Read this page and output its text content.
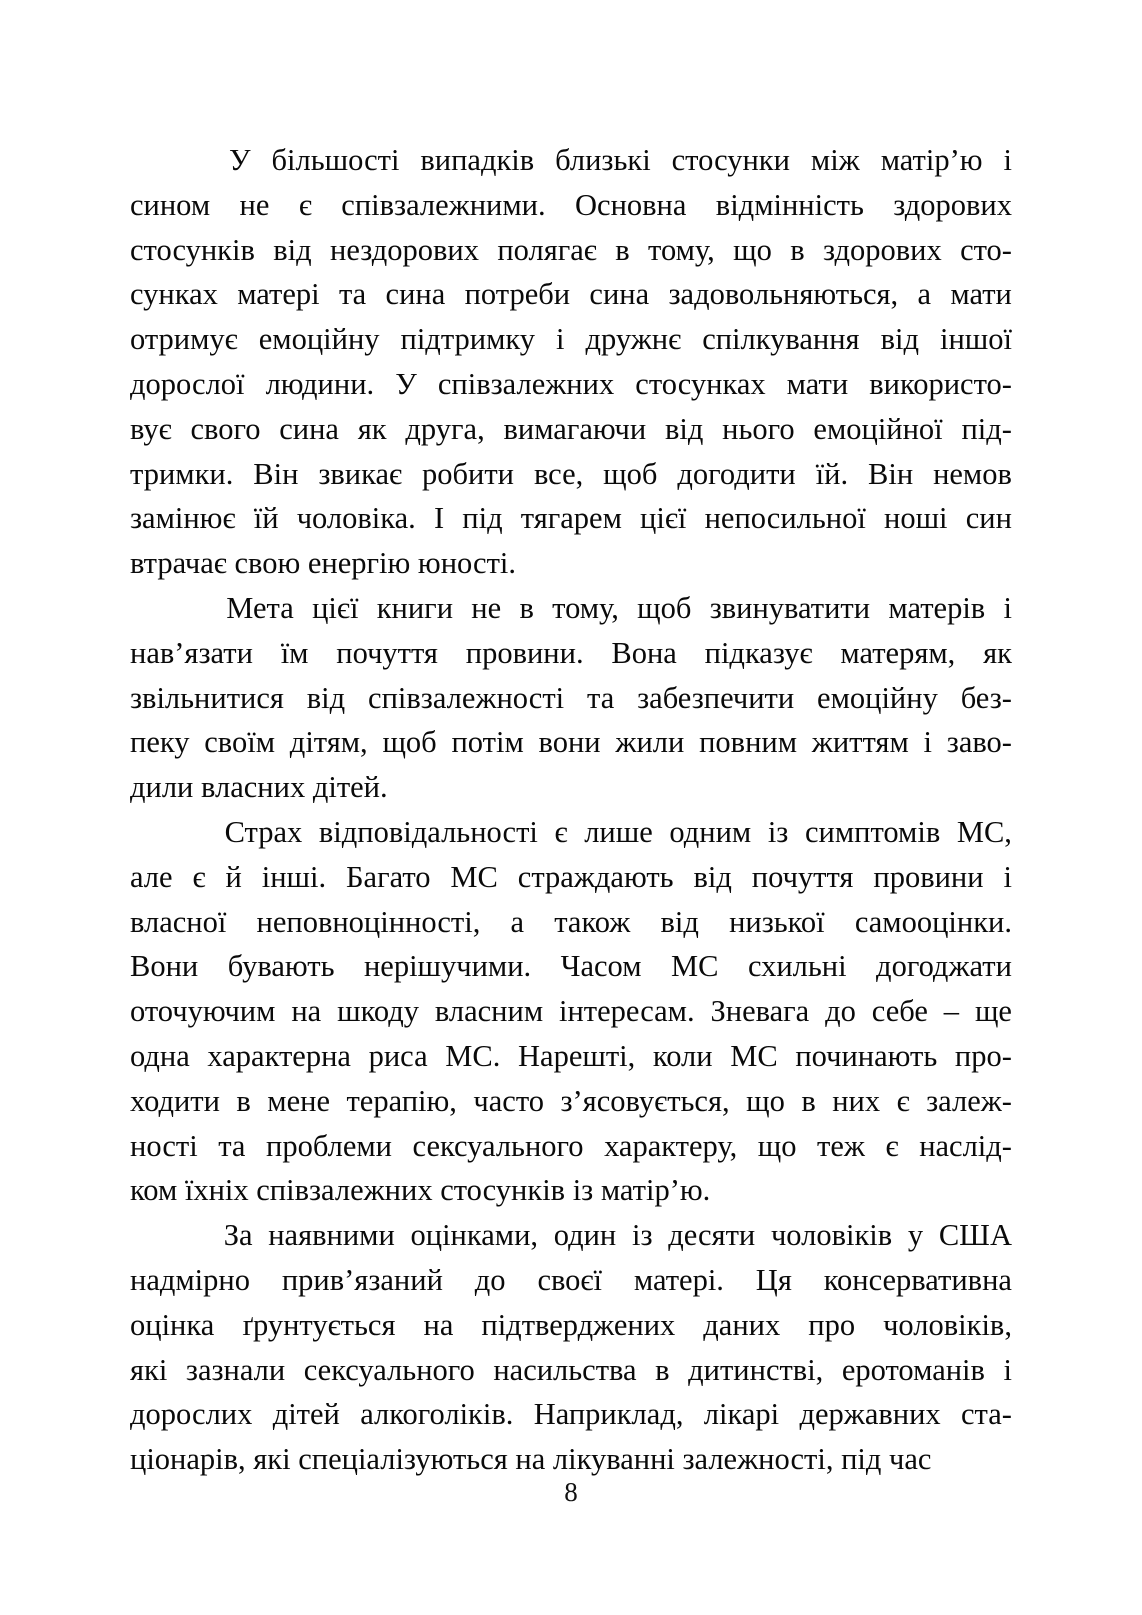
У більшості випадків близькі стосунки між матір’ю і
сином не є співзалежними. Основна відмінність здорових
стосунків від нездорових полягає в тому, що в здорових сто-
сунках матері та сина потреби сина задовольняються, а мати
отримує емоційну підтримку і дружнє спілкування від іншої
дорослої людини. У співзалежних стосунках мати використо-
вує свого сина як друга, вимагаючи від нього емоційної під-
тримки. Він звикає робити все, щоб догодити їй. Він немов
замінює їй чоловіка. І під тягарем цієї непосильної ноші син
втрачає свою енергію юності.

Мета цієї книги не в тому, щоб звинуватити матерів і
нав’язати їм почуття провини. Вона підказує матерям, як
звільнитися від співзалежності та забезпечити емоційну без-
пеку своїм дітям, щоб потім вони жили повним життям і заво-
дили власних дітей.

Страх відповідальності є лише одним із симптомів МС,
але є й інші. Багато МС страждають від почуття провини і
власної неповноцінності, а також від низької самооцінки.
Вони бувають нерішучими. Часом МС схильні догоджати
оточуючим на шкоду власним інтересам. Зневага до себе – ще
одна характерна риса МС. Нарешті, коли МС починають про-
ходити в мене терапію, часто з’ясовується, що в них є залеж-
ності та проблеми сексуального характеру, що теж є наслід-
ком їхніх співзалежних стосунків із матір’ю.

За наявними оцінками, один із десяти чоловіків у США
надмірно прив’язаний до своєї матері. Ця консервативна
оцінка ґрунтується на підтверджених даних про чоловіків,
які зазнали сексуального насильства в дитинстві, еротоманів і
дорослих дітей алкоголіків. Наприклад, лікарі державних ста-
ціонарів, які спеціалізуються на лікуванні залежності, під час

8
